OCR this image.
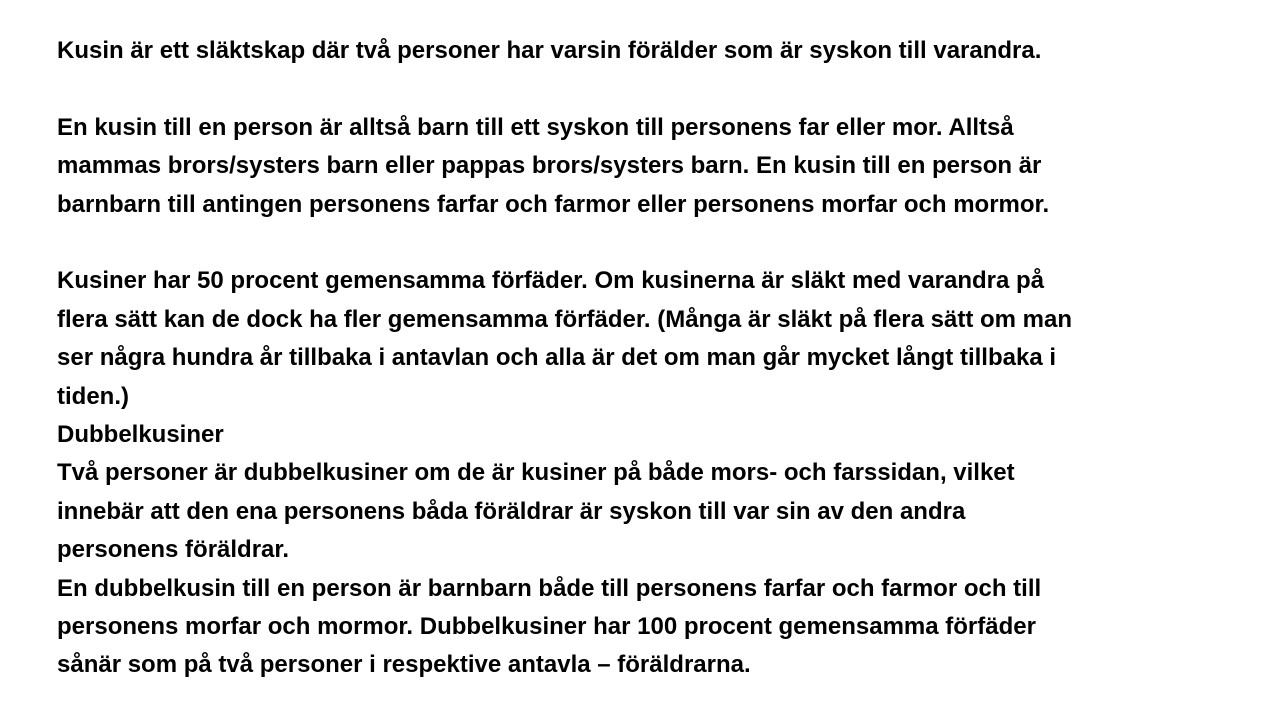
Kusin är ett släktskap där två personer har varsin förälder som är syskon till varandra.

En kusin till en person är alltså barn till ett syskon till personens far eller mor. Alltså
mammas brors/systers barn eller pappas brors/systers barn. En kusin till en person är
barnbarn till antingen personens farfar och farmor eller personens morfar och mormor.

Kusiner har 50 procent gemensamma förfäder. Om kusinerna är släkt med varandra på
flera sätt kan de dock ha fler gemensamma förfäder. (Många är släkt på flera sätt om man
ser några hundra år tillbaka i antavlan och alla är det om man går mycket långt tillbaka i
tiden.)

Dubbelkusiner

Två personer är dubbelkusiner om de är kusiner på både mors- och farssidan, vilket
innebär att den ena personens båda föräldrar är syskon till var sin av den andra
personens föräldrar.

En dubbelkusin till en person är barnbarn både till personens farfar och farmor och till
personens morfar och mormor. Dubbelkusiner har 100 procent gemensamma förfäder
sånär som på två personer i respektive antavla – föräldrarna.
